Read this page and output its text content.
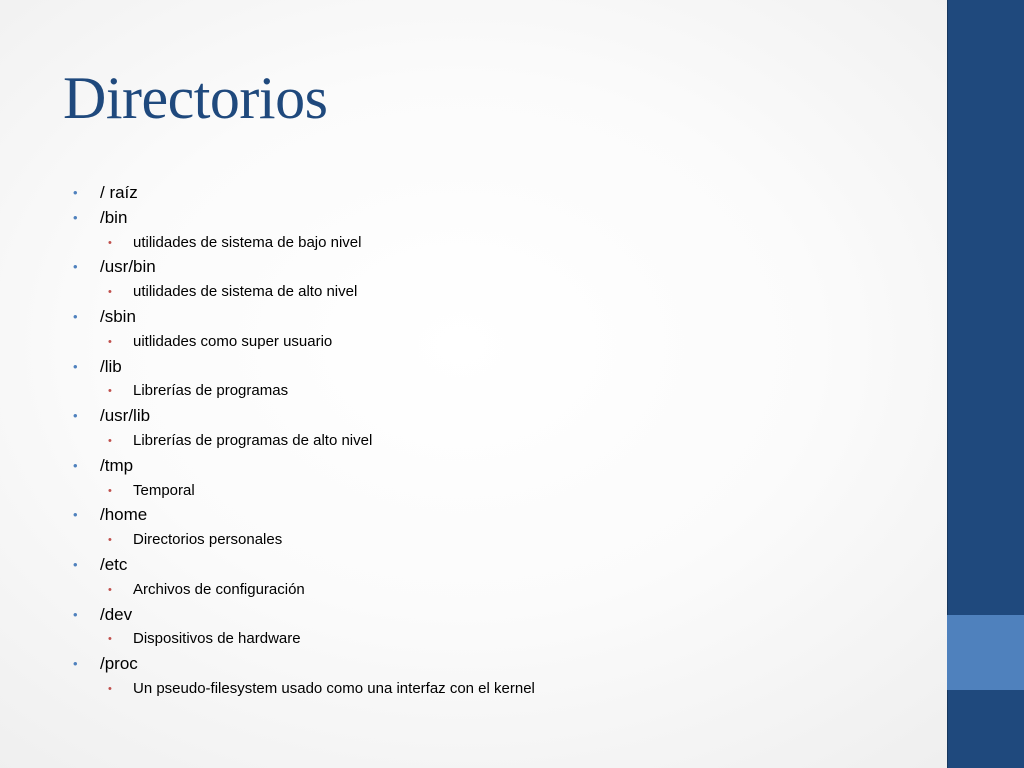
Directorios
• / raíz
• /bin
• utilidades de sistema de bajo nivel
• /usr/bin
• utilidades de sistema de alto nivel
• /sbin
• uitlidades como super usuario
• /lib
• Librerías de programas
• /usr/lib
• Librerías de programas de alto nivel
• /tmp
• Temporal
• /home
• Directorios personales
• /etc
• Archivos de configuración
• /dev
• Dispositivos de hardware
• /proc
• Un pseudo-filesystem usado como una interfaz con el kernel
